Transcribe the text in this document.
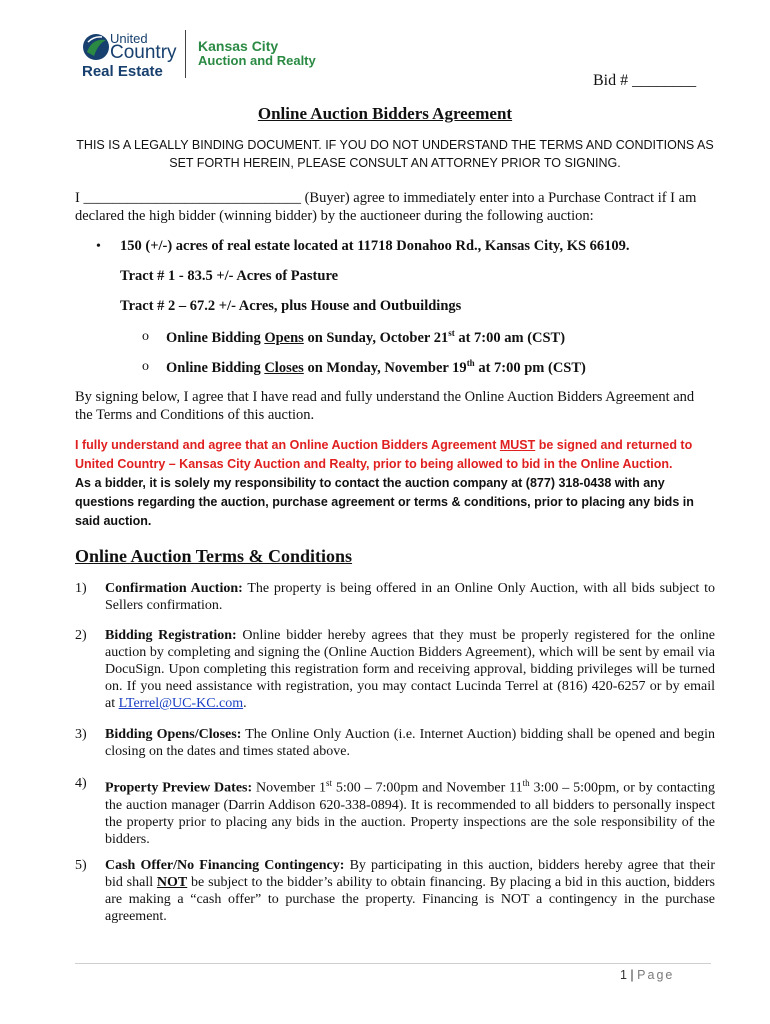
United
Country
Real Estate
Kansas City
Auction and Realty
Bid # ________
Online Auction Bidders Agreement
THIS IS A LEGALLY BINDING DOCUMENT. IF YOU DO NOT UNDERSTAND THE TERMS AND CONDITIONS AS SET FORTH HEREIN, PLEASE CONSULT AN ATTORNEY PRIOR TO SIGNING.
I ______________________________ (Buyer) agree to immediately enter into a Purchase Contract if I am declared the high bidder (winning bidder) by the auctioneer during the following auction:
• 150 (+/-) acres of real estate located at 11718 Donahoo Rd., Kansas City, KS 66109.
Tract # 1 - 83.5 +/- Acres of Pasture
Tract # 2 – 67.2 +/- Acres, plus House and Outbuildings
o Online Bidding Opens on Sunday, October 21st at 7:00 am (CST)
o Online Bidding Closes on Monday, November 19th at 7:00 pm (CST)
By signing below, I agree that I have read and fully understand the Online Auction Bidders Agreement and the Terms and Conditions of this auction.
I fully understand and agree that an Online Auction Bidders Agreement MUST be signed and returned to United Country – Kansas City Auction and Realty, prior to being allowed to bid in the Online Auction.
As a bidder, it is solely my responsibility to contact the auction company at (877) 318-0438 with any questions regarding the auction, purchase agreement or terms & conditions, prior to placing any bids in said auction.
Online Auction Terms & Conditions
1) Confirmation Auction: The property is being offered in an Online Only Auction, with all bids subject to Sellers confirmation.
2) Bidding Registration: Online bidder hereby agrees that they must be properly registered for the online auction by completing and signing the (Online Auction Bidders Agreement), which will be sent by email via DocuSign. Upon completing this registration form and receiving approval, bidding privileges will be turned on. If you need assistance with registration, you may contact Lucinda Terrel at (816) 420-6257 or by email at LTerrel@UC-KC.com.
3) Bidding Opens/Closes: The Online Only Auction (i.e. Internet Auction) bidding shall be opened and begin closing on the dates and times stated above.
4) Property Preview Dates: November 1st 5:00 – 7:00pm and November 11th 3:00 – 5:00pm, or by contacting the auction manager (Darrin Addison 620-338-0894). It is recommended to all bidders to personally inspect the property prior to placing any bids in the auction. Property inspections are the sole responsibility of the bidders.
5) Cash Offer/No Financing Contingency: By participating in this auction, bidders hereby agree that their bid shall NOT be subject to the bidder’s ability to obtain financing. By placing a bid in this auction, bidders are making a “cash offer” to purchase the property. Financing is NOT a contingency in the purchase agreement.
1 | Page
